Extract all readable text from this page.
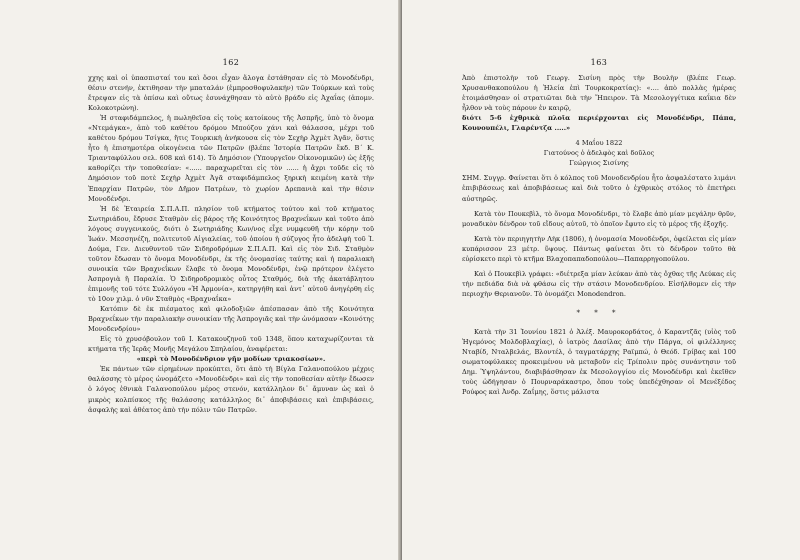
162

χχης καὶ οἱ ὑπασπισταί του καὶ ὅσοι εἶχαν ἄλογα ἐστάθησαν εἰς τὸ Μονοδένδρι, θέσιν στενήν, ἐκτιθησαν τὴν μπαταλάν (ἐμπροσθοφυλακήν) τῶν Τούρκων καὶ τοὺς ἔτρεψαν εἰς τὰ ὀπίσω καὶ οὕτως ἐσυνάχθησαν τὸ αὐτὸ βράδυ εἰς Ἀχαΐας (ἀπομν. Κολοκοτρώνη).

Ἡ σταφιδάμπελος, ἡ πωληθεῖσα εἰς τοὺς κατοίκους τῆς Ἀσπρῆς, ὑπὸ τὸ ὄνομα «Ντεμάγκα», ἀπὸ τοῦ καθέτου δρόμου Μπούζου χάνι καὶ θάλασσα, μέχρι τοῦ καθέτου δρόμου Τσίγκα, ἥτις Τουρκικὴ ἀνήκουσα εἰς τὸν Σεχὴρ Ἀχμὲτ Ἀγᾶν, ὅστις ἦτο ἡ ἐπισημοτέρα οἰκογένεια τῶν Πατρῶν (βλέπε Ἱστορία Πατρῶν ἔκδ. Β´ Κ. Τριανταφύλλου σελ. 608 καὶ 614). Τὸ Δημόσιον (Ὑπουργεῖον Οἰκονομικῶν) ὡς ἑξῆς καθορίζει τὴν τοποθεσίαν: «...... παραχωρεῖται εἰς τὸν ...... ἡ ἄχρι τοῦδε εἰς τὸ Δημόσιον τοῦ ποτὲ Σεχὴρ Ἀχμὲτ Ἀγᾶ σταφιδάμπελος ξηρικὴ κειμένη κατὰ τὴν Ἐπαρχίαν Πατρῶν, τὸν Δῆμον Πατρέων, τὸ χωρίον Δρεπανιὰ καὶ τὴν θέσιν Μονοδένδρι.

Ἡ δὲ Ἑταιρεία Σ.Π.Α.Π. πλησίον τοῦ κτήματος τούτου καὶ τοῦ κτήματος Σωτηριάδου, ἔδρυσε Σταθμὸν εἰς βάρος τῆς Κοινότητος Βραχνεΐκων καὶ τοῦτο ἀπὸ λόγους συγγενικούς, διότι ὁ Σωτηριάδης Κων/νος εἶχε νυμφευθῆ τὴν κόρην τοῦ Ἰωάν. Μεσσηνέζη, πολιτευτοῦ Αἰγιαλείας, τοῦ ὁποίου ἡ σύζυγος ἦτο ἀδελφὴ τοῦ Ἰ. Δούμα, Γεν. Διευθυντοῦ τῶν Σιδηροδρόμων Σ.Π.Α.Π. Καὶ εἰς τὸν Σιδ. Σταθμὸν τοῦτον ἔδωσαν τὸ ὄνομα Μονοδένδρι, ἐκ τῆς ὀνομασίας ταύτης καὶ ἡ παραλιακὴ συνοικία τῶν Βραχνεΐκων ἔλαβε τὸ ὄνομα Μονοδένδρι, ἐνῷ πρότερον ἐλέγετο Ἀσπρογιὰ ἢ Παραλία. Ὁ Σιδηροδρομικὸς οὗτος Σταθμός, διὰ τῆς ἀκατάβλητου ἐπιμονῆς τοῦ τότε Συλλόγου «Ἡ Ἀρμονία», κατηργήθη καὶ ἀντ᾽ αὐτοῦ ἀνηγέρθη εἰς τὸ 10ον χιλμ. ὁ νῦν Σταθμὸς «Βραχναΐκα»

Κατόπιν δὲ ἐκ πιέσματος καὶ φιλοδοξιῶν ἀπέσπασαν ἀπὸ τῆς Κοινότητα Βραχνεΐκων τὴν παραλιακὴν συνοικίαν τῆς Ἀσπρογιᾶς καὶ τὴν ὠνόμασαν «Κοινότης Μονοδενδρίου»

Εἰς τὸ χρυσόβουλον τοῦ Ι. Κατακουζηνοῦ τοῦ 1348, ὅπου καταχωρίζονται τὰ κτήματα τῆς Ἱερᾶς Μονῆς Μεγάλου Σπηλαίου, ἀναφέρεται:

«περὶ τὸ Μονοδένδριον γῆν μοδίων τριακοσίων».

Ἐκ πάντων τῶν εἰρημένων προκύπτει, ὅτι ἀπὸ τὴ Βίγλα Γαλανοπούλου μέχρις θαλάσσης τὸ μέρος ὠνομάζετο «Μονοδένδρι» καὶ εἰς τὴν τοποθεσίαν αὐτὴν ἔδωσεν ὁ λόγος ἐθνικὰ Γαλανοπούλου μέρος στενόν, κατάλληλον δι᾽ ἄμυναν ὡς καὶ ὁ μικρὸς κολπίσκος τῆς θαλάσσης κατάλληλος δι᾽ ἀποβιβάσεις καὶ ἐπιβιβάσεις, ἀσφαλὴς καὶ ἀθέατος ἀπὸ τὴν πόλιν τῶν Πατρῶν.

163

Ἀπὸ ἐπιστολὴν τοῦ Γεωργ. Σισίνη πρὸς τὴν Βουλὴν (βλέπε Γεωρ. Χρυσανθακοπούλου ἡ Ἠλεία ἐπὶ Τουρκοκρατίας): «.... ἀπὸ πολλὰς ἡμέρας ἑτοιμάσθησαν οἱ στρατιῶται διὰ τὴν Ἤπειρον. Τὰ Μεσολογγίτικα καΐκια δὲν ἦλθον νὰ τοὺς πάρουν ἐν καιρῷ,

διότι 5-6 ἐχθρικὰ πλοῖα περιέρχονται εἰς Μονοδένδρι, Πάπα, Κουνουπέλι, Γλαρέντζα .....»

4 Μαΐου 1822

Γιατούνος ὁ ἀδελφὸς καὶ δοῦλος

Γεώργιος Σισίνης

ΣΗΜ. Συγγρ. Φαίνεται ὅτι ὁ κόλπος τοῦ Μονοδενδρίου ἦτο ἀσφαλέστατο λιμάνι ἐπιβιβάσεως καὶ ἀποβιβάσεως καὶ διὰ τοῦτο ὁ ἐχθρικὸς στόλος τὸ ἐπετήρει αὐστηρῶς.

Κατὰ τὸν Πουκεβὶλ, τὸ ὄνομα Μονοδένδρι, τὸ ἔλαβε ἀπὸ μίαν μεγάλην θρῦν, μοναδικὸν δένδρον τοῦ εἴδους αὐτοῦ, τὸ ὁποῖον ἔφυτο εἰς τὸ μέρος τῆς ἐξοχῆς.

Κατὰ τὸν περιηγητὴν Λὴκ (1806), ἡ ὀνομασία Μονοδένδρι, ὀφείλεται εἰς μίαν κυπάρισσον 23 μέτρ. ὕψους. Πάντως φαίνεται ὅτι τὸ δένδρον τοῦτο θὰ εὑρίσκετο περὶ τὸ κτῆμα Βλαχοπαπαδοπούλου—Παπαρρηγοπούλου.

Καὶ ὁ Πουκεβὶλ γράφει: «διέτρεξα μίαν λεύκαν ἀπὸ τὰς ὄχθας τῆς Λεύκας εἰς τὴν πεδιάδα διὰ νὰ φθάσω εἰς τὴν στάσιν Μονοδενδρίου. Εἰσήλθομεν εἰς τὴν περιοχὴν Θεριανοῦν. Τὸ ὀνομάζει Monodendron.

* * *

Κατὰ τὴν 31 Ἰουνίου 1821 ὁ Ἀλέξ. Μαυροκορδάτος, ὁ Καραντζᾶς (υἱὸς τοῦ Ἡγεμόνος Μολδοβλαχίας), ὁ ἰατρὸς Δασίλας ἀπὸ τὴν Πάργα, οἱ φιλέλληνες Νταβίδ, Νταλβελάς, Βλοντέλ, ὁ ταγματάρχης Ραϊμπώ, ὁ Θεόδ. Γρίβας καὶ 100 σωματοφύλακες προκειμένου νὰ μεταβοῦν εἰς Τρίπολιν πρὸς συνάντησιν τοῦ Δημ. Ὑψηλάντου, διαβιβάσθησαν ἐκ Μεσολογγίου εἰς Μονοδένδρι καὶ ἐκεῖθεν τοὺς ὡδήγησαν ὁ Πουρναράκαστρο, ὅπου τοὺς ὑπεδέχθησαν οἱ Μενέξέδος Ρούφος καὶ Ἀνδρ. Ζαΐμης, ὅστις μάλιστα
